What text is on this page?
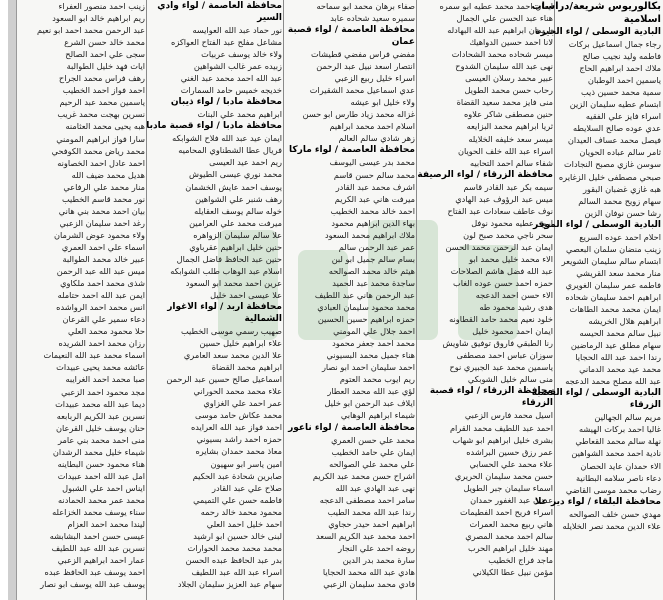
بكالوريوس شريعة/دراسات
اسلامية
البادية الوسطى / لواء الجيزة
رجاء جمال اسماعيل بركات
فاطمه وليد نجيب صالح
ملاك احمد ابراهيم الحاج
ياسمين احمد الوطبان
سمية محمد حسين ذيب
ابتسام عطيه سليمان الزين
اسراء فايز علي الفقيه
عدي عوده صالح السلايطه
فيصل محمد عساف العيدان
ثامر سالم عباده الحويان
سوسن غازي مصبح النجادات
صبحي مصطفى خليل الزغايره
هبه غازي غضبان البقور
سهام زويح محمد السالم
رشا حسن نوفان الزين
البادية الوسطى / لواء الموقر
احلام احمد عوده السريع
زينب منضان سلمان البعصي
ابتسام سالم سليمان الشويعر
منار محمد سعد القريشي
فاطمه عمر سليمان الغويري
ابراهيم احمد سليمان شحاده
ايمان محمد محمد الطاهات
ابراهيم هلال الخريشه
نبيل سالم محمد الحيسه
سهام مطلق عيد الرماضين
رندا احمد عبد الله الحجايا
محمد عيد محمد الدماني
عبد الله مصلح محمد الدعجه
البادية الوسطى / لواء القصبة
الزرقاء
مريم سالم الجهالين
غاليا احمد بركات الهيشه
نهلة سالم محمد القعاطي
نادية احمد محمد الشواهين
الاء حمدان عايد الحصان
دعاء ناصر سلامه البطانية
رضاب محمد موسى القاضي
محافظة البلقاء / لواء دير علا
مهدي حسن خلف الصوالحه
علاء الدين محمد نصر الخلايله
ايمان احمد محمد عطيه ابو سمره
هناء عبد الحسن علي الجمال
ناريمان ابراهيم عبد الله البهادله
لانا احمد حسين الدواهيك
ميسر شحاده محمد الشحادات
نهى عبد الله سليمان الشدوح
عبير محمد رسلان العيسى
رحاب حسن محمد الطويل
منى فايز محمد سعيد القضاة
حنين مصطفى شاكر علاوه
ثريا ابراهيم محمد البزايعه
ميسر سعد خليفه الخلايله
اسراء عبد الله خلف الحويان
شفاء سالم احمد التحابيه
محافظة الزرقاء / لواء الرصيفة
سيمه بكر عبد القادر قاسم
ميس عبد الرؤوف عبد الهادي
نوف عاطف سعادات عبد الفتاح
اروى عطيه محمود نوفل
سحر ناجي محمد صبح لون
ايمان عبد الرحمن محمد الحسن
الاء محمد خليل محمد ابو
عبد الله فضل هاشم الصلاحات
حمزه احمد حسن عوده الغاب
الاء حسن احمد الدعجه
هدى رشيد محمود طه
خلود نعيم محمد حامد القطاونه
ايمان احمد محمود خليل
رنا الطبقي فاروق توفيق شاويش
سوزان عباس احمد مصطفى
ياسمين محمد عبد الجبيري نوح
منى سالم خليل الشوبكي
محافظة الزرقاء / لواء قصبة
الزرقاء
اسيل محمد فارس الزعبي
احمد عبد اللطيف محمد القرام
بشرى خليل ابراهيم ابو شهاب
عمر رزق حسين البراشده
علاء محمد علي الحسابي
حسن محمد سليمان الحريري
اسماء سليمان جبر الطويل
عدنان عبد الغفور حمدان
اسراء فريح احمد الفطيمات
هاني ربيع محمد العمرات
سالم احمد محمد المصري
مهند خليل ابراهيم الحرب
ماجد فراج الخطيب
مؤمن نبيل عطا الكيلاني
صفاء برهان محمد ابو سماحه
سميره سعيد شحاده عابد
محافظة العاصمة / لواء قصبة
عمان
مفضي فراس مفضي قطيشات
انتصار اسعد نبيل عبد الرحمن
اسراء خليل ربيع الزعبي
عدي اسماعيل محمد الشقيرات
ولاء خليل ابو عيشه
غزاله محمد زياد طارس ابو حسن
اسلام احمد محمد ابراهيم
زهر شادي سالم العالم
محافظة العاصمة / لواء ماركا
محمد بدر عيسى اليوسف
محمد سالم حسن قاسم
اشرف محمد عبد القادر
ميرفت هاني عبد الكريم
احمد خالد محمد الخطيب
بهاء الدين ابراهيم محمود
ملاك ابراهيم محمد السعود
عمر عبد الرحمن سالم
بسام سالم جميل ابو لبن
هيثم خالد محمد الصوالحه
ساجدة محمد عبد الحميد
عبد الرحمن هاني عبد اللطيف
محمد محمود سليمان العبادي
حمزه ابراهيم حسين الحسين
احمد جلال علي المومني
محمد احمد جعفر محمود
هناء جميل محمد البسيوني
احمد سليمان احمد ابو نصار
ريم ايوب محمد العتوم
لؤي عبد الله محمد العطار
ايلاف عبد الرحمن ابو خليل
شيماء ابراهيم الوهابي
محافظة العاصمة / لواء ناعور
محمد علي حسن العمري
ايمان علي حامد الخطيب
علي محمد علي الصوالحه
اشراح حسن محمد عبد الكريم
نهى عبد الهادي عبد الله
سامر احمد مصطفى الدعجه
رندا عبد الله محمد الطيب
ابراهيم احمد حيدر حجاوي
احمد محمد عبد الكريم السعد
روضه احمد علي النجار
سارة محمد بدر الدين
هادي عبد الله محمد الحجايا
فادي محمد سليمان الزعبي
محافظة العاصمة / لواء وادي
السير
نور حماد عبد الله العوايسه
مشاعل مفلح عبد الفتاح العواكزه
ولاء خالد يوسف عربيات
زبيده عمر غالب الشواهين
عبد الله احمد محمد عبد الغني
خديجه خميس حامد السمارات
محافظة مادبا / لواء ذيبان
ابراهيم محمد علي البنات
محافظة مادبا / لواء قصبة مادبا
ايمان عيد عبد الله فلاح الشوابكه
فريال عطا الشطناوي المحاميه
ريم احمد عيد العيسى
محمد نوري عيسى الطيوش
يوسف احمد عايش الخشمان
رهف شنبر علي الشواهين
خوله سالم يوسف العقايله
ميرفت محمد علي العرامين
علا سالم سليمان الزواهره
حنين خليل ابراهيم عقرباوي
حنين عبد الحافظ فاضل الجمال
اسلام عبد الوهاب طلب الشوابكه
عرين احمد محمد ابو السعود
علا عيسى احمد خليل
محافظة اربد / لواء الاغوار
الشمالية
صهيب رسمي موسى الخطيب
علاء ابراهيم خليل حسين
علا الدين محمد سعد العامري
ابراهيم محمد القضاة
اسماعيل صالح حسين عبد الرحمن
علاء محمد محمد الحوراني
عمر احمد علي الغزاوي
محمد عكاش حامد موسى
احمد فواز عبد الله العرايده
حمزه احمد راشد بسيوني
معاذ محمد حمدان بشايره
امين ياسر ابو سهيون
صابرين شحادة عبد الحكيم
صلاح علي عبد القادر
فاطمه حسن علي التميمي
محمود محمد خالد رحمه
احمد خليل احمد العلي
لبنى خالد حسين ابو ارشيد
محمد محمد محمد الحوارات
بدر عبد الحافظ عبده الحسن
اسراء عبد الله عبد اللطيف
سهام عبد العزيز سليمان الجلاد
زينب احمد منصور العفراء
ريم ابراهيم خالد ابو السعود
عبد الرحمن محمد احمد ابو نعيم
محمد خالد حسن الشرع
سجى علي احمد الصالح
ايات فهد خليل الطوالبة
رهف فراس محمد الجراح
احمد فواز احمد الخطيب
ياسمين محمد عبد الرحيم
نسرين بهجت محمد غريب
هبه يحيى محمد العثامنه
سارا فواز ابراهيم المومني
محمد رياض محمد الكوفحي
احمد عادل احمد الخصاونه
هديل محمد ضيف الله
منار محمد علي الرفاعي
نور محمد قاسم الخطيب
بيان احمد محمد بني هاني
رغد احمد سليمان الزعبي
ولاء محمود عوض الشرمان
اسماء علي احمد العمري
عبير خالد محمد الطوالبة
ميس عبد الله عبد الرحمن
شذى محمد احمد ملكاوي
ايمن عبد الله احمد حتامله
انس محمد احمد الرواشده
دعاء سمير علي القرعان
حلا محمود محمد العلي
رزان محمد احمد الشريده
اسماء محمد عبد الله النعيمات
عائشه محمد يحيى عبيدات
صبا محمد احمد الغرايبه
مجد محمود احمد الزعبي
ديما عبد الله محمد عبيدات
نسرين عبد الكريم الربابعه
حنان يوسف خليل القرعان
منى احمد محمد بني عامر
شيماء خليل محمد الرشدان
هناء محمود حسن البطاينه
امل عبد الله احمد عبيدات
ايناس احمد علي الشبول
محمد عمر محمد الحمادنه
سناء يوسف محمد الخزاعله
ليندا محمد احمد العزام
عيسى حسن احمد البشابشه
نسرين عبد الله عبد اللطيف
عمار احمد ابراهيم الزعبي
احمد يوسف عبد الحافظ عبده
يوسف عبد الله يوسف ابو نصار
